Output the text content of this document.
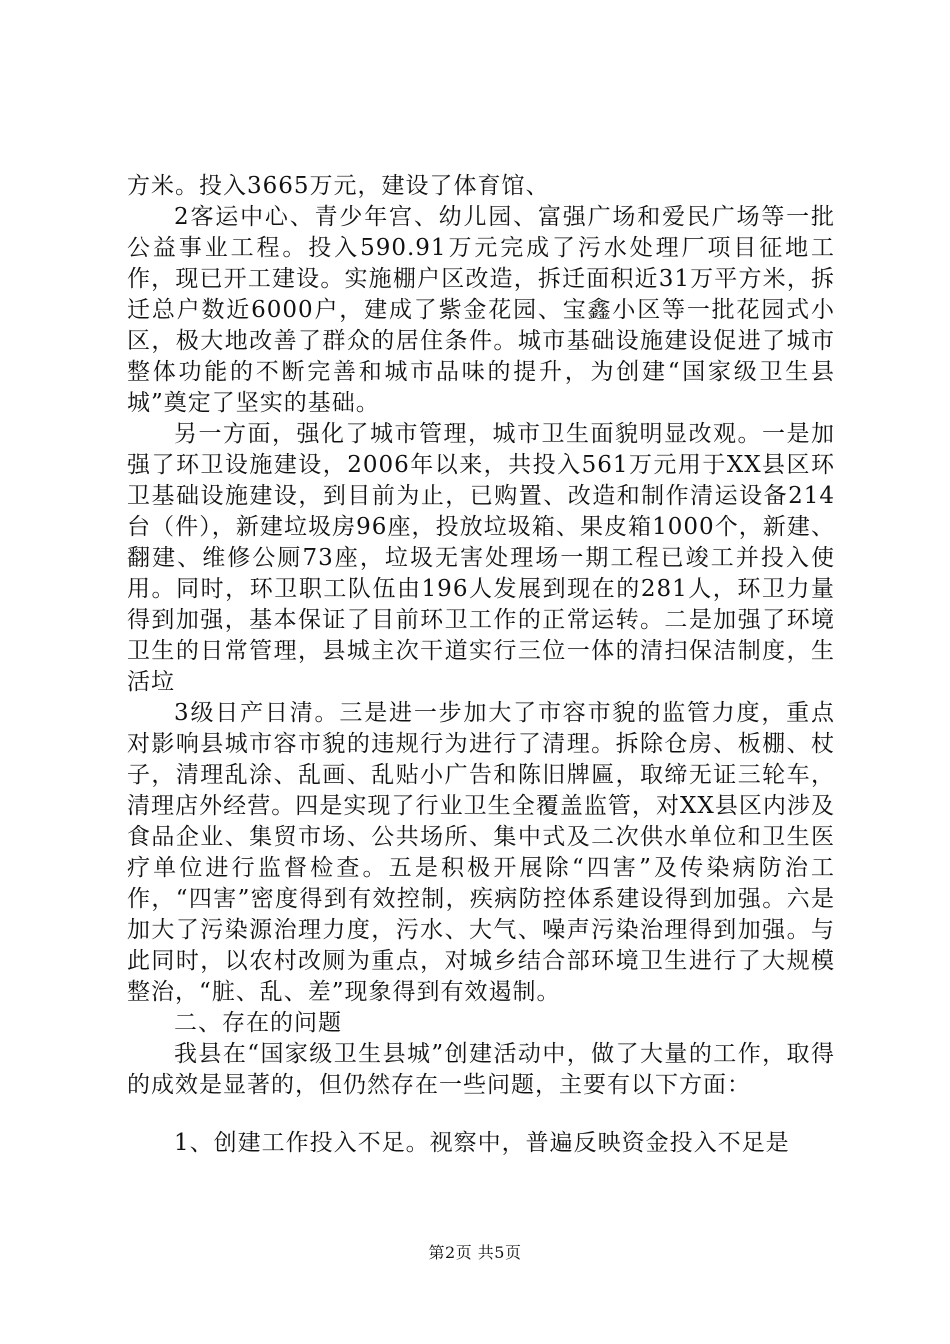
方米。投入3665万元，建设了体育馆、

2客运中心、青少年宫、幼儿园、富强广场和爱民广场等一批公益事业工程。投入590.91万元完成了污水处理厂项目征地工作，现已开工建设。实施棚户区改造，拆迁面积近31万平方米，拆迁总户数近6000户，建成了紫金花园、宝鑫小区等一批花园式小区，极大地改善了群众的居住条件。城市基础设施建设促进了城市整体功能的不断完善和城市品味的提升，为创建“国家级卫生县城”奠定了坚实的基础。

另一方面，强化了城市管理，城市卫生面貌明显改观。一是加强了环卫设施建设，2006年以来，共投入561万元用于XX县区环卫基础设施建设，到目前为止，已购置、改造和制作清运设备214台（件），新建垃圾房96座，投放垃圾箱、果皮箱1000个，新建、翻建、维修公厕73座，垃圾无害处理场一期工程已竣工并投入使用。同时，环卫职工队伍由196人发展到现在的281人，环卫力量得到加强，基本保证了目前环卫工作的正常运转。二是加强了环境卫生的日常管理，县城主次干道实行三位一体的清扫保洁制度，生活垃

3级日产日清。三是进一步加大了市容市貌的监管力度，重点对影响县城市容市貌的违规行为进行了清理。拆除仓房、板棚、杖子，清理乱涂、乱画、乱贴小广告和陈旧牌匾，取缔无证三轮车，清理店外经营。四是实现了行业卫生全覆盖监管，对XX县区内涉及食品企业、集贸市场、公共场所、集中式及二次供水单位和卫生医疗单位进行监督检查。五是积极开展除“四害”及传染病防治工作，“四害”密度得到有效控制，疾病防控体系建设得到加强。六是加大了污染源治理力度，污水、大气、噪声污染治理得到加强。与此同时，以农村改厕为重点，对城乡结合部环境卫生进行了大规模整治，“脏、乱、差”现象得到有效遏制。

二、存在的问题

我县在“国家级卫生县城”创建活动中，做了大量的工作，取得的成效是显著的，但仍然存在一些问题，主要有以下方面：

1、创建工作投入不足。视察中，普遍反映资金投入不足是

第2页 共5页
